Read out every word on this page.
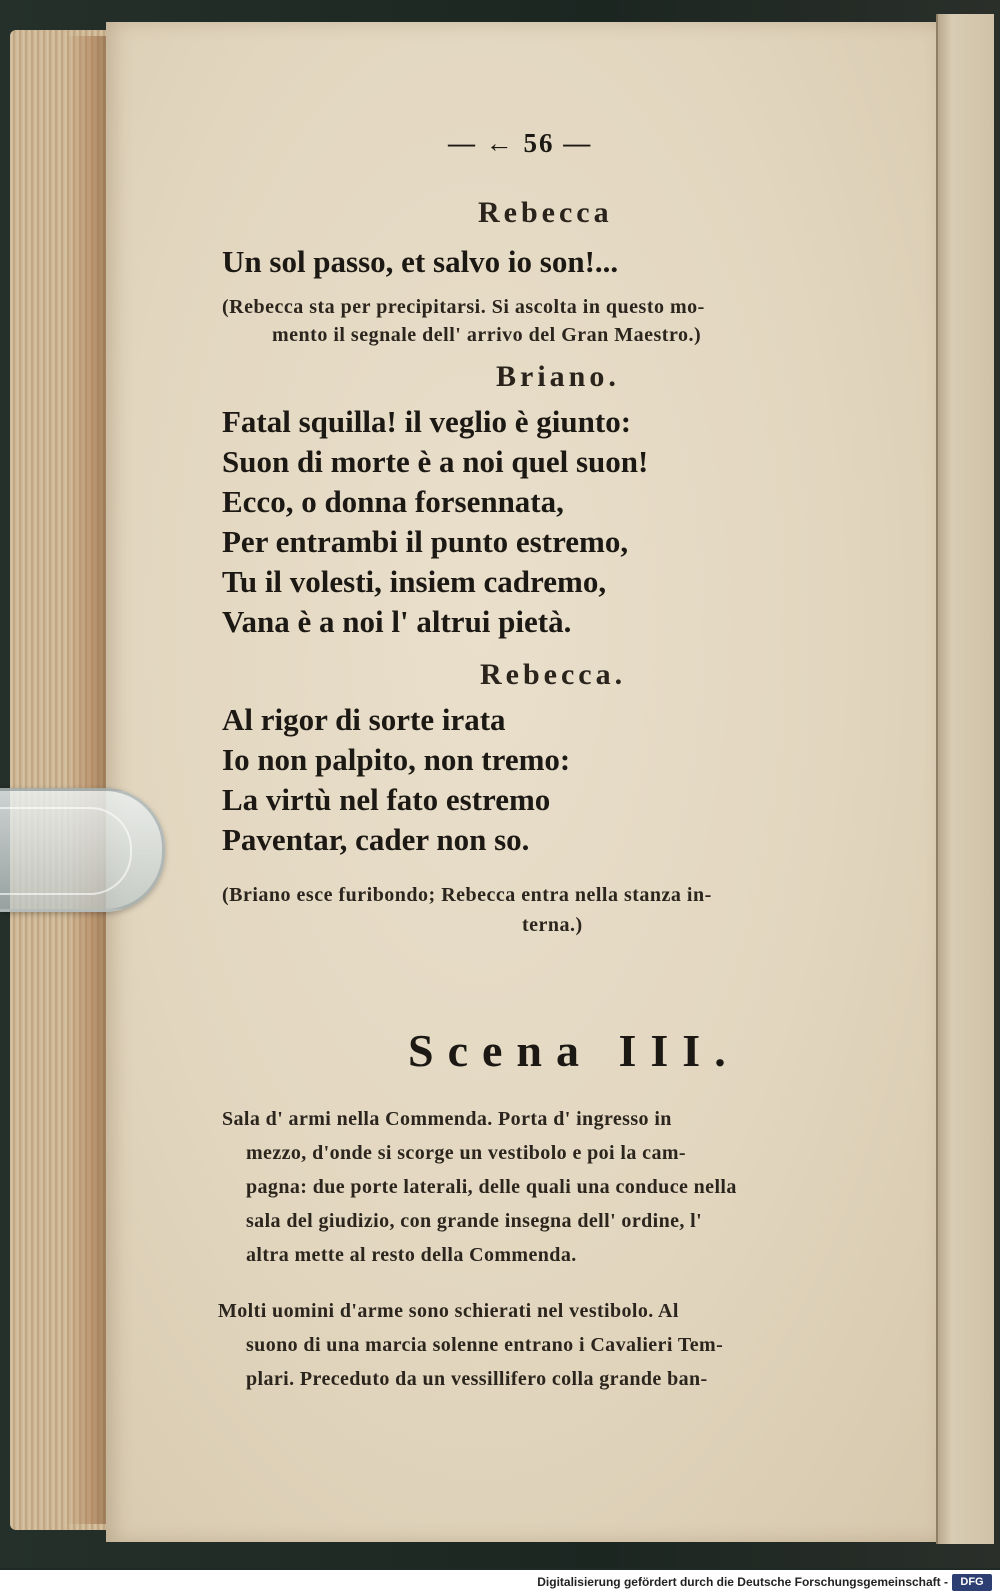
— ← 56 —
Rebecca
Un sol passo, et salvo io son!...
(Rebecca sta per precipitarsi. Si ascolta in questo mo-
mento il segnale dell' arrivo del Gran Maestro.)
Briano.
Fatal squilla! il veglio è giunto:
Suon di morte è a noi quel suon!
Ecco, o donna forsennata,
Per entrambi il punto estremo,
Tu il volesti, insiem cadremo,
Vana è a noi l' altrui pietà.
Rebecca.
Al rigor di sorte irata
Io non palpito, non tremo:
La virtù nel fato estremo
Paventar, cader non so.
(Briano esce furibondo; Rebecca entra nella stanza in-
terna.)
Scena III.
Sala d' armi nella Commenda. Porta d' ingresso in
mezzo, d'onde si scorge un vestibolo e poi la cam-
pagna: due porte laterali, delle quali una conduce nella
sala del giudizio, con grande insegna dell' ordine, l'
altra mette al resto della Commenda.
Molti uomini d'arme sono schierati nel vestibolo. Al
suono di una marcia solenne entrano i Cavalieri Tem-
plari. Preceduto da un vessillifero colla grande ban-
Digitalisierung gefördert durch die Deutsche Forschungsgemeinschaft -	DFG
